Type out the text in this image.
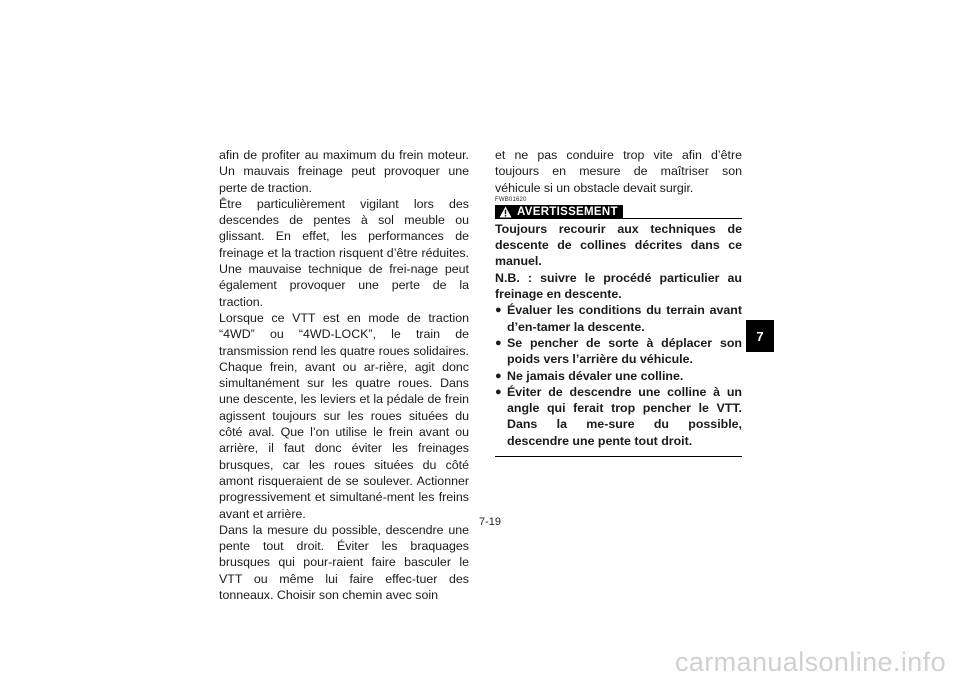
afin de profiter au maximum du frein moteur. Un mauvais freinage peut provoquer une perte de traction.

Être particulièrement vigilant lors des descendes de pentes à sol meuble ou glissant. En effet, les performances de freinage et la traction risquent d’être réduites. Une mauvaise technique de frei-nage peut également provoquer une perte de la traction.

Lorsque ce VTT est en mode de traction “4WD” ou “4WD-LOCK”, le train de transmission rend les quatre roues solidaires. Chaque frein, avant ou ar-rière, agit donc simultanément sur les quatre roues. Dans une descente, les leviers et la pédale de frein agissent toujours sur les roues situées du côté aval. Que l’on utilise le frein avant ou arrière, il faut donc éviter les freinages brusques, car les roues situées du côté amont risqueraient de se soulever. Actionner progressivement et simultané-ment les freins avant et arrière.

Dans la mesure du possible, descendre une pente tout droit. Éviter les braquages brusques qui pour-raient faire basculer le VTT ou même lui faire effec-tuer des tonneaux. Choisir son chemin avec soin

et ne pas conduire trop vite afin d’être toujours en mesure de maîtriser son véhicule si un obstacle devait surgir.

FWB01620
AVERTISSEMENT

Toujours recourir aux techniques de descente de collines décrites dans ce manuel.

N.B. : suivre le procédé particulier au freinage en descente.

● Évaluer les conditions du terrain avant d’en-tamer la descente.
● Se pencher de sorte à déplacer son poids vers l’arrière du véhicule.
● Ne jamais dévaler une colline.
● Éviter de descendre une colline à un angle qui ferait trop pencher le VTT. Dans la me-sure du possible, descendre une pente tout droit.
7-19
7
carmanualsonline.info
